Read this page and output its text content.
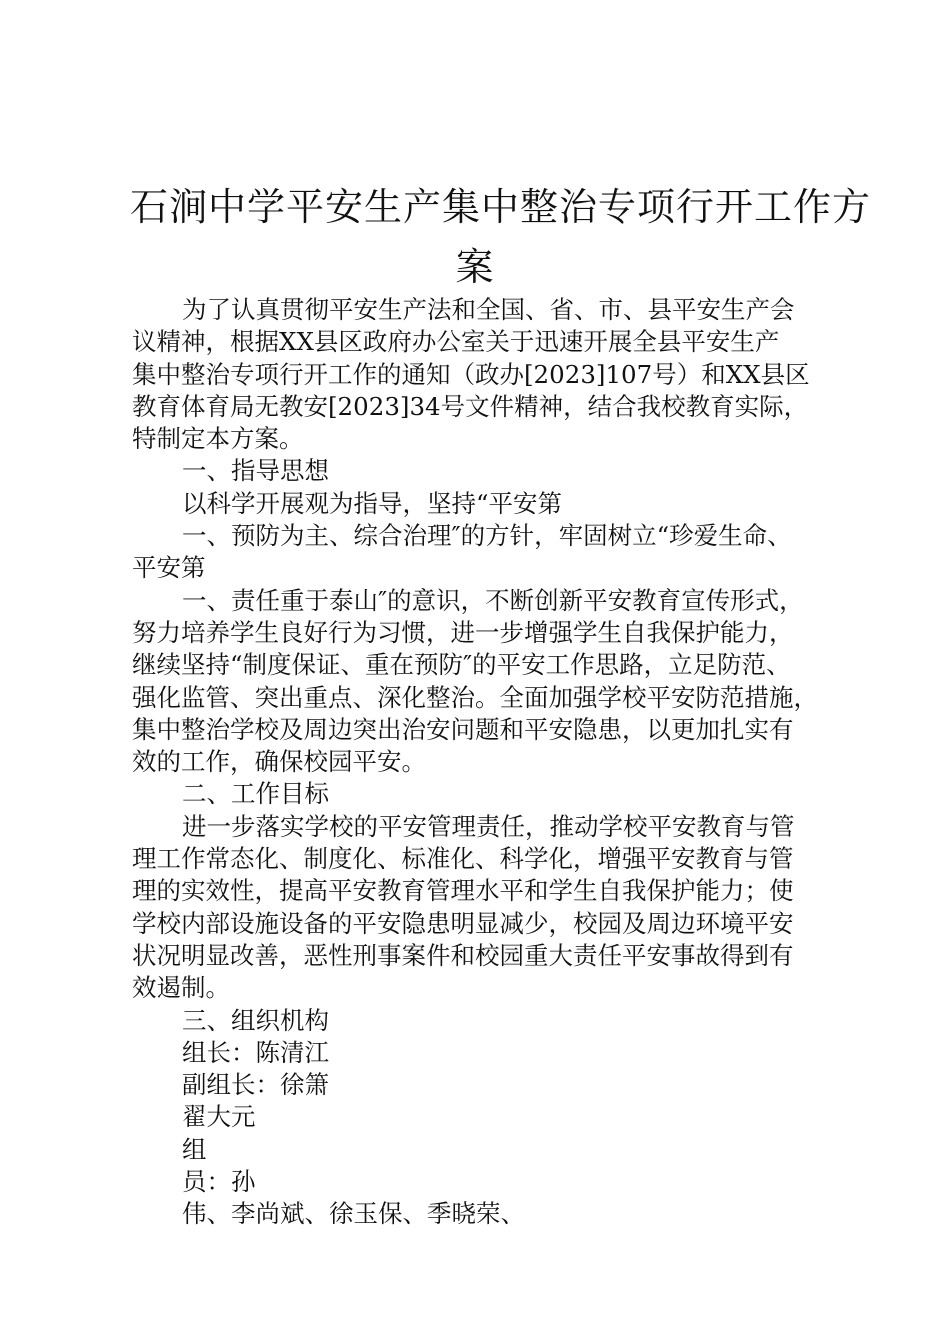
石涧中学平安生产集中整治专项行开工作方
案
为了认真贯彻平安生产法和全国、省、市、县平安生产会
议精神，根据XX县区政府办公室关于迅速开展全县平安生产
集中整治专项行开工作的通知（政办[2023]107号）和XX县区
教育体育局无教安[2023]34号文件精神，结合我校教育实际，
特制定本方案。
一、指导思想
以科学开展观为指导，坚持“平安第
一、预防为主、综合治理″的方针，牢固树立“珍爱生命、
平安第
一、责任重于泰山″的意识，不断创新平安教育宣传形式，
努力培养学生良好行为习惯，进一步增强学生自我保护能力，
继续坚持“制度保证、重在预防″的平安工作思路，立足防范、
强化监管、突出重点、深化整治。全面加强学校平安防范措施，
集中整治学校及周边突出治安问题和平安隐患，以更加扎实有
效的工作，确保校园平安。
二、工作目标
进一步落实学校的平安管理责任，推动学校平安教育与管
理工作常态化、制度化、标准化、科学化，增强平安教育与管
理的实效性，提高平安教育管理水平和学生自我保护能力；使
学校内部设施设备的平安隐患明显减少，校园及周边环境平安
状况明显改善，恶性刑事案件和校园重大责任平安事故得到有
效遏制。
三、组织机构
组长：陈清江
副组长：徐箫
翟大元
组
员：孙
伟、李尚斌、徐玉保、季晓荣、
